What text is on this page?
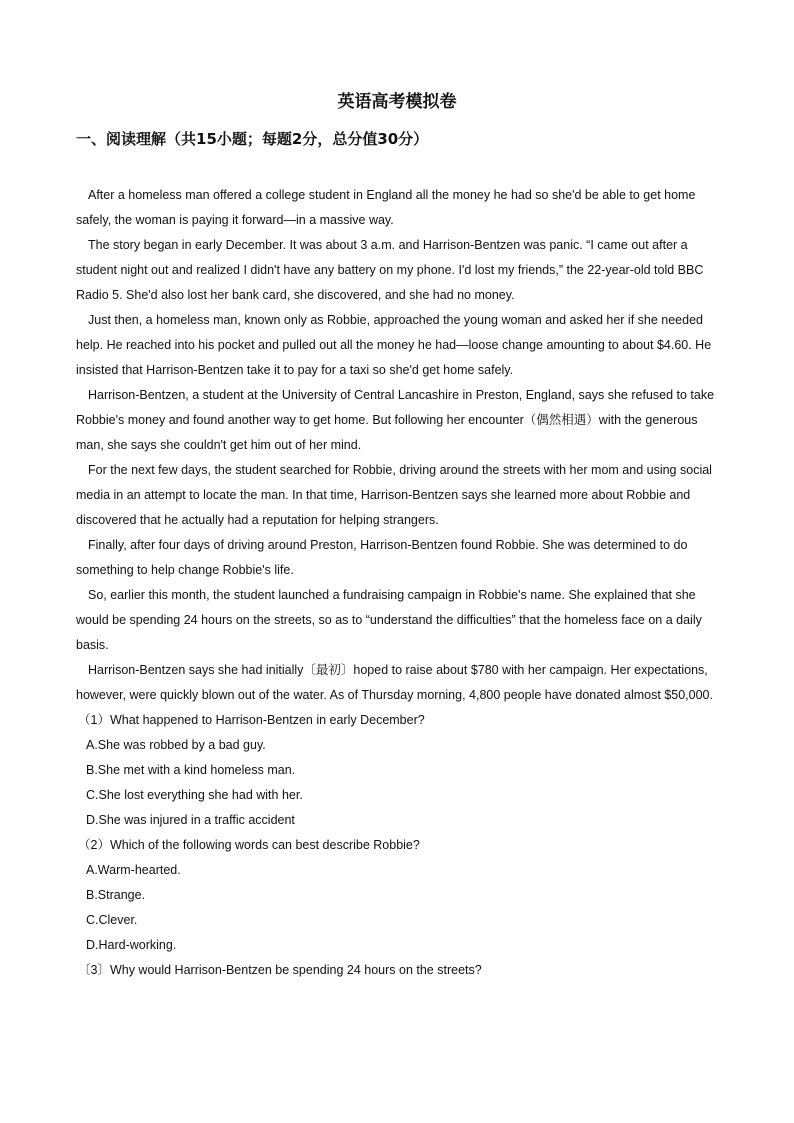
英语高考模拟卷
一、阅读理解（共15小题；每题2分，总分值30分）

After a homeless man offered a college student in England all the money he had so she'd be able to get home safely, the woman is paying it forward—in a massive way.

The story began in early December. It was about 3 a.m. and Harrison-Bentzen was panic. “I came out after a student night out and realized I didn't have any battery on my phone. I'd lost my friends,” the 22-year-old told BBC Radio 5. She'd also lost her bank card, she discovered, and she had no money.

Just then, a homeless man, known only as Robbie, approached the young woman and asked her if she needed help. He reached into his pocket and pulled out all the money he had—loose change amounting to about $4.60. He insisted that Harrison-Bentzen take it to pay for a taxi so she'd get home safely.

Harrison-Bentzen, a student at the University of Central Lancashire in Preston, England, says she refused to take Robbie's money and found another way to get home. But following her encounter（偶然相遇）with the generous man, she says she couldn't get him out of her mind.

For the next few days, the student searched for Robbie, driving around the streets with her mom and using social media in an attempt to locate the man. In that time, Harrison-Bentzen says she learned more about Robbie and discovered that he actually had a reputation for helping strangers.

Finally, after four days of driving around Preston, Harrison-Bentzen found Robbie. She was determined to do something to help change Robbie's life.

So, earlier this month, the student launched a fundraising campaign in Robbie's name. She explained that she would be spending 24 hours on the streets, so as to “understand the difficulties” that the homeless face on a daily basis.

Harrison-Bentzen says she had initially〔最初〕hoped to raise about $780 with her campaign. Her expectations, however, were quickly blown out of the water. As of Thursday morning, 4,800 people have donated almost $50,000.

（1）What happened to Harrison-Bentzen in early December?
A.She was robbed by a bad guy.
B.She met with a kind homeless man.
C.She lost everything she had with her.
D.She was injured in a traffic accident
（2）Which of the following words can best describe Robbie?
A.Warm-hearted.
B.Strange.
C.Clever.
D.Hard-working.
〔3〕Why would Harrison-Bentzen be spending 24 hours on the streets?
